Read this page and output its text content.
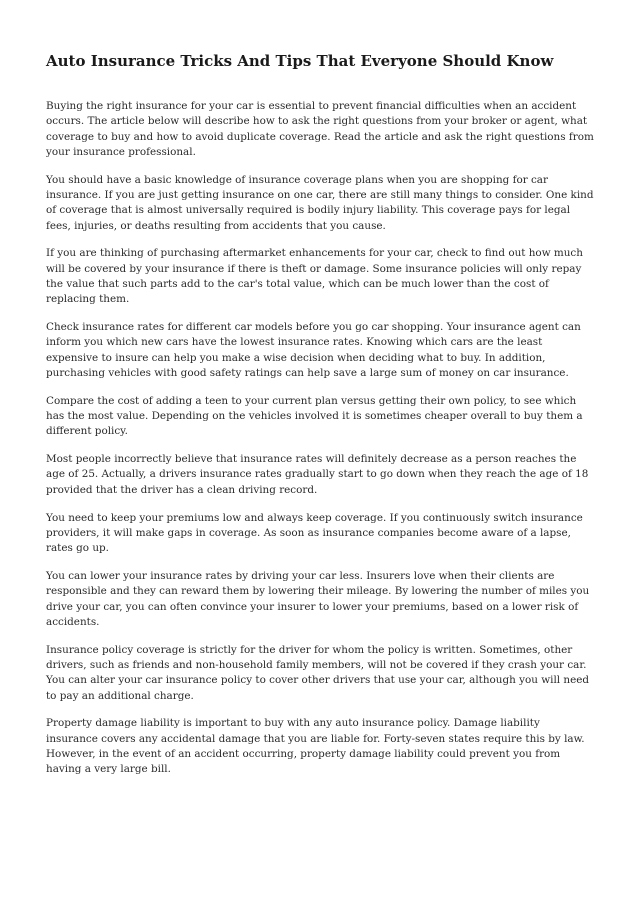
Auto Insurance Tricks And Tips That Everyone Should Know

Buying the right insurance for your car is essential to prevent financial difficulties when an accident occurs. The article below will describe how to ask the right questions from your broker or agent, what coverage to buy and how to avoid duplicate coverage. Read the article and ask the right questions from your insurance professional.

You should have a basic knowledge of insurance coverage plans when you are shopping for car insurance. If you are just getting insurance on one car, there are still many things to consider. One kind of coverage that is almost universally required is bodily injury liability. This coverage pays for legal fees, injuries, or deaths resulting from accidents that you cause.

If you are thinking of purchasing aftermarket enhancements for your car, check to find out how much will be covered by your insurance if there is theft or damage. Some insurance policies will only repay the value that such parts add to the car's total value, which can be much lower than the cost of replacing them.

Check insurance rates for different car models before you go car shopping. Your insurance agent can inform you which new cars have the lowest insurance rates. Knowing which cars are the least expensive to insure can help you make a wise decision when deciding what to buy. In addition, purchasing vehicles with good safety ratings can help save a large sum of money on car insurance.

Compare the cost of adding a teen to your current plan versus getting their own policy, to see which has the most value. Depending on the vehicles involved it is sometimes cheaper overall to buy them a different policy.

Most people incorrectly believe that insurance rates will definitely decrease as a person reaches the age of 25. Actually, a drivers insurance rates gradually start to go down when they reach the age of 18 provided that the driver has a clean driving record.

You need to keep your premiums low and always keep coverage. If you continuously switch insurance providers, it will make gaps in coverage. As soon as insurance companies become aware of a lapse, rates go up.

You can lower your insurance rates by driving your car less. Insurers love when their clients are responsible and they can reward them by lowering their mileage. By lowering the number of miles you drive your car, you can often convince your insurer to lower your premiums, based on a lower risk of accidents.

Insurance policy coverage is strictly for the driver for whom the policy is written. Sometimes, other drivers, such as friends and non-household family members, will not be covered if they crash your car. You can alter your car insurance policy to cover other drivers that use your car, although you will need to pay an additional charge.

Property damage liability is important to buy with any auto insurance policy. Damage liability insurance covers any accidental damage that you are liable for. Forty-seven states require this by law. However, in the event of an accident occurring, property damage liability could prevent you from having a very large bill.
